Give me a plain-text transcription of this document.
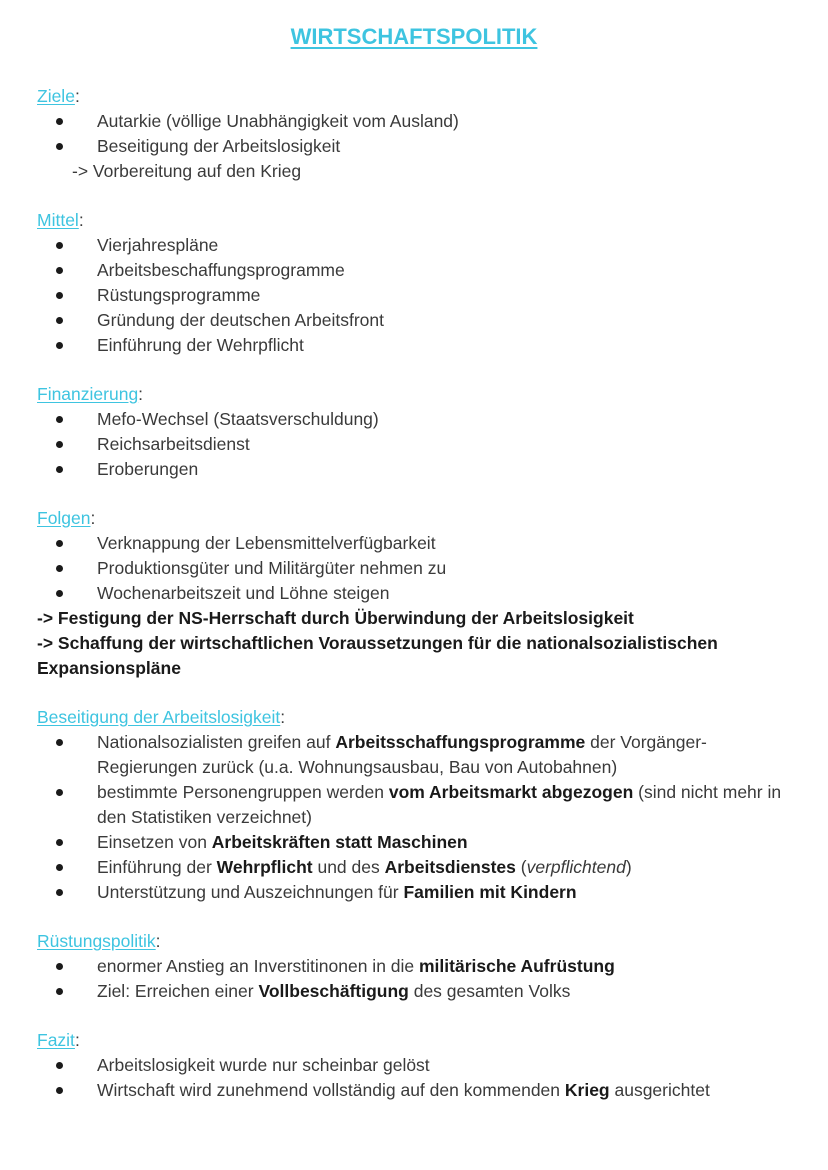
WIRTSCHAFTSPOLITIK
Ziele:
Autarkie (völlige Unabhängigkeit vom Ausland)
Beseitigung der Arbeitslosigkeit
-> Vorbereitung auf den Krieg
Mittel:
Vierjahrespläne
Arbeitsbeschaffungsprogramme
Rüstungsprogramme
Gründung der deutschen Arbeitsfront
Einführung der Wehrpflicht
Finanzierung:
Mefo-Wechsel (Staatsverschuldung)
Reichsarbeitsdienst
Eroberungen
Folgen:
Verknappung der Lebensmittelverfügbarkeit
Produktionsgüter und Militärgüter nehmen zu
Wochenarbeitszeit und Löhne steigen
-> Festigung der NS-Herrschaft durch Überwindung der Arbeitslosigkeit
-> Schaffung der wirtschaftlichen Voraussetzungen für die nationalsozialistischen Expansionspläne
Beseitigung der Arbeitslosigkeit:
Nationalsozialisten greifen auf Arbeitsschaffungsprogramme der Vorgänger-Regierungen zurück (u.a. Wohnungsausbau, Bau von Autobahnen)
bestimmte Personengruppen werden vom Arbeitsmarkt abgezogen (sind nicht mehr in den Statistiken verzeichnet)
Einsetzen von Arbeitskräften statt Maschinen
Einführung der Wehrpflicht und des Arbeitsdienstes (verpflichtend)
Unterstützung und Auszeichnungen für Familien mit Kindern
Rüstungspolitik:
enormer Anstieg an Inverstitinonen in die militärische Aufrüstung
Ziel: Erreichen einer Vollbeschäftigung des gesamten Volks
Fazit:
Arbeitslosigkeit wurde nur scheinbar gelöst
Wirtschaft wird zunehmend vollständig auf den kommenden Krieg ausgerichtet
